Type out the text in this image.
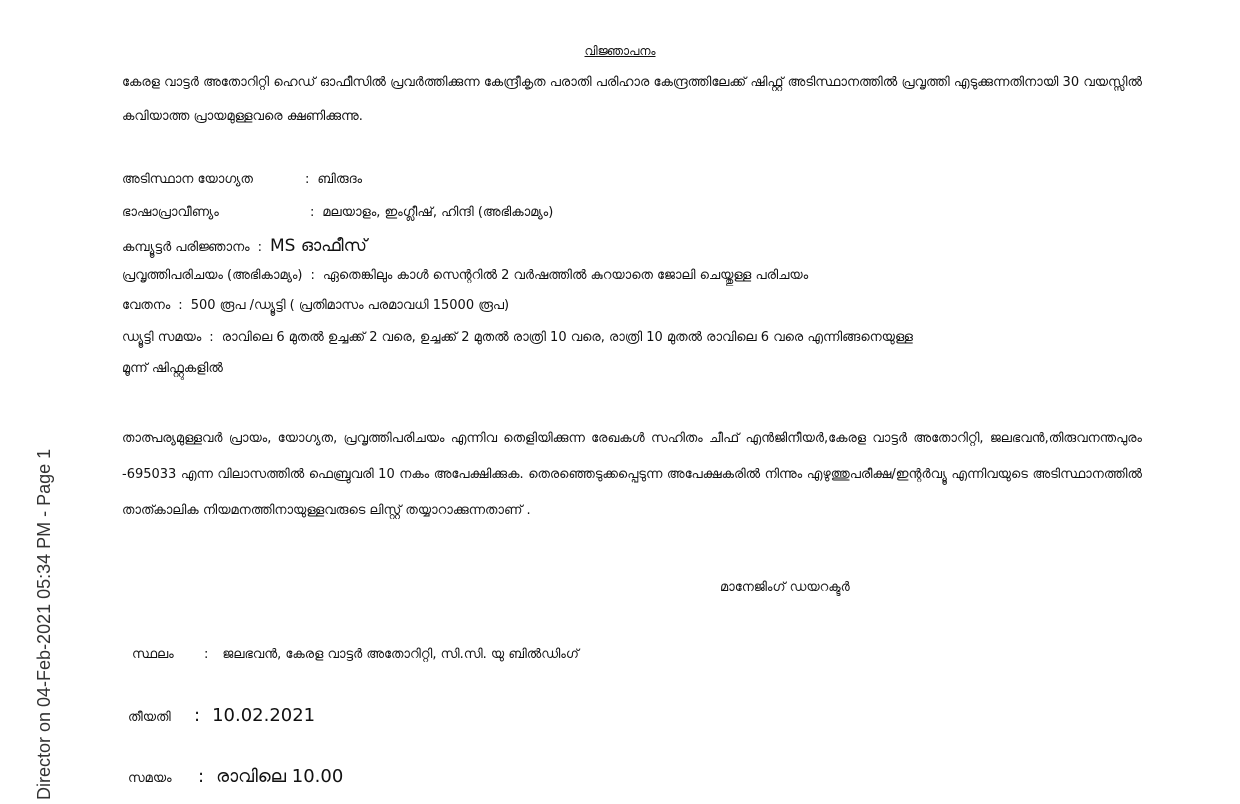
വിജ്ഞാപനം
കേരള വാട്ടർ അതോറിറ്റി ഹെഡ് ഓഫീസിൽ പ്രവർത്തിക്കുന്ന കേന്ദ്രീകൃത പരാതി പരിഹാര കേന്ദ്രത്തിലേക്ക് ഷിഫ്റ്റ് അടിസ്ഥാനത്തിൽ പ്രവൃത്തി എടുക്കുന്നതിനായി 30 വയസ്സിൽ കവിയാത്ത പ്രായമുള്ളവരെ ക്ഷണിക്കുന്നു.
അടിസ്ഥാന യോഗ്യത	: ബിരുദം
ഭാഷാപ്രാവീണ്യം	: മലയാളം, ഇംഗ്ലീഷ്, ഹിന്ദി (അഭികാമ്യം)
കമ്പ്യൂട്ടർ പരിജ്ഞാനം : MS ഓഫീസ്
പ്രവൃത്തിപരിചയം (അഭികാമ്യം) : ഏതെങ്കിലും കാൾ സെന്ററിൽ 2 വർഷത്തിൽ കുറയാതെ ജോലി ചെയ്തുള്ള പരിചയം
വേതനം : 500 രൂപ /ഡ്യൂട്ടി ( പ്രതിമാസം പരമാവധി 15000 രൂപ)
ഡ്യൂട്ടി സമയം : രാവിലെ 6 മുതൽ ഉച്ചക്ക് 2 വരെ, ഉച്ചക്ക് 2 മുതൽ രാത്രി 10 വരെ, രാത്രി 10 മുതൽ രാവിലെ 6 വരെ എന്നിങ്ങനെയുള്ള
മൂന്ന് ഷിഫ്റ്റുകളിൽ
താത്പര്യമുള്ളവർ പ്രായം, യോഗ്യത, പ്രവൃത്തിപരിചയം എന്നിവ തെളിയിക്കുന്ന രേഖകൾ സഹിതം ചീഫ് എൻജിനീയർ,കേരള വാട്ടർ അതോറിറ്റി, ജലഭവൻ,തിരുവനന്തപുരം -695033 എന്ന വിലാസത്തിൽ ഫെബ്രുവരി 10 നകം അപേക്ഷിക്കുക. തെരഞ്ഞെടുക്കപ്പെടുന്ന അപേക്ഷകരിൽ നിന്നും എഴുത്തുപരീക്ഷ/ഇന്റർവ്യൂ എന്നിവയുടെ അടിസ്ഥാനത്തിൽ താത്കാലിക നിയമനത്തിനായുള്ളവരുടെ ലിസ്റ്റ് തയ്യാറാക്കുന്നതാണ് .
മാനേജിംഗ് ഡയറക്ടർ
സ്ഥലം : ജലഭവൻ, കേരള വാട്ടർ അതോറിറ്റി, സി.സി. യു ബിൽഡിംഗ്
തീയതി : 10.02.2021
സമയം : രാവിലെ 10.00
Director on 04-Feb-2021 05:34 PM - Page 1
